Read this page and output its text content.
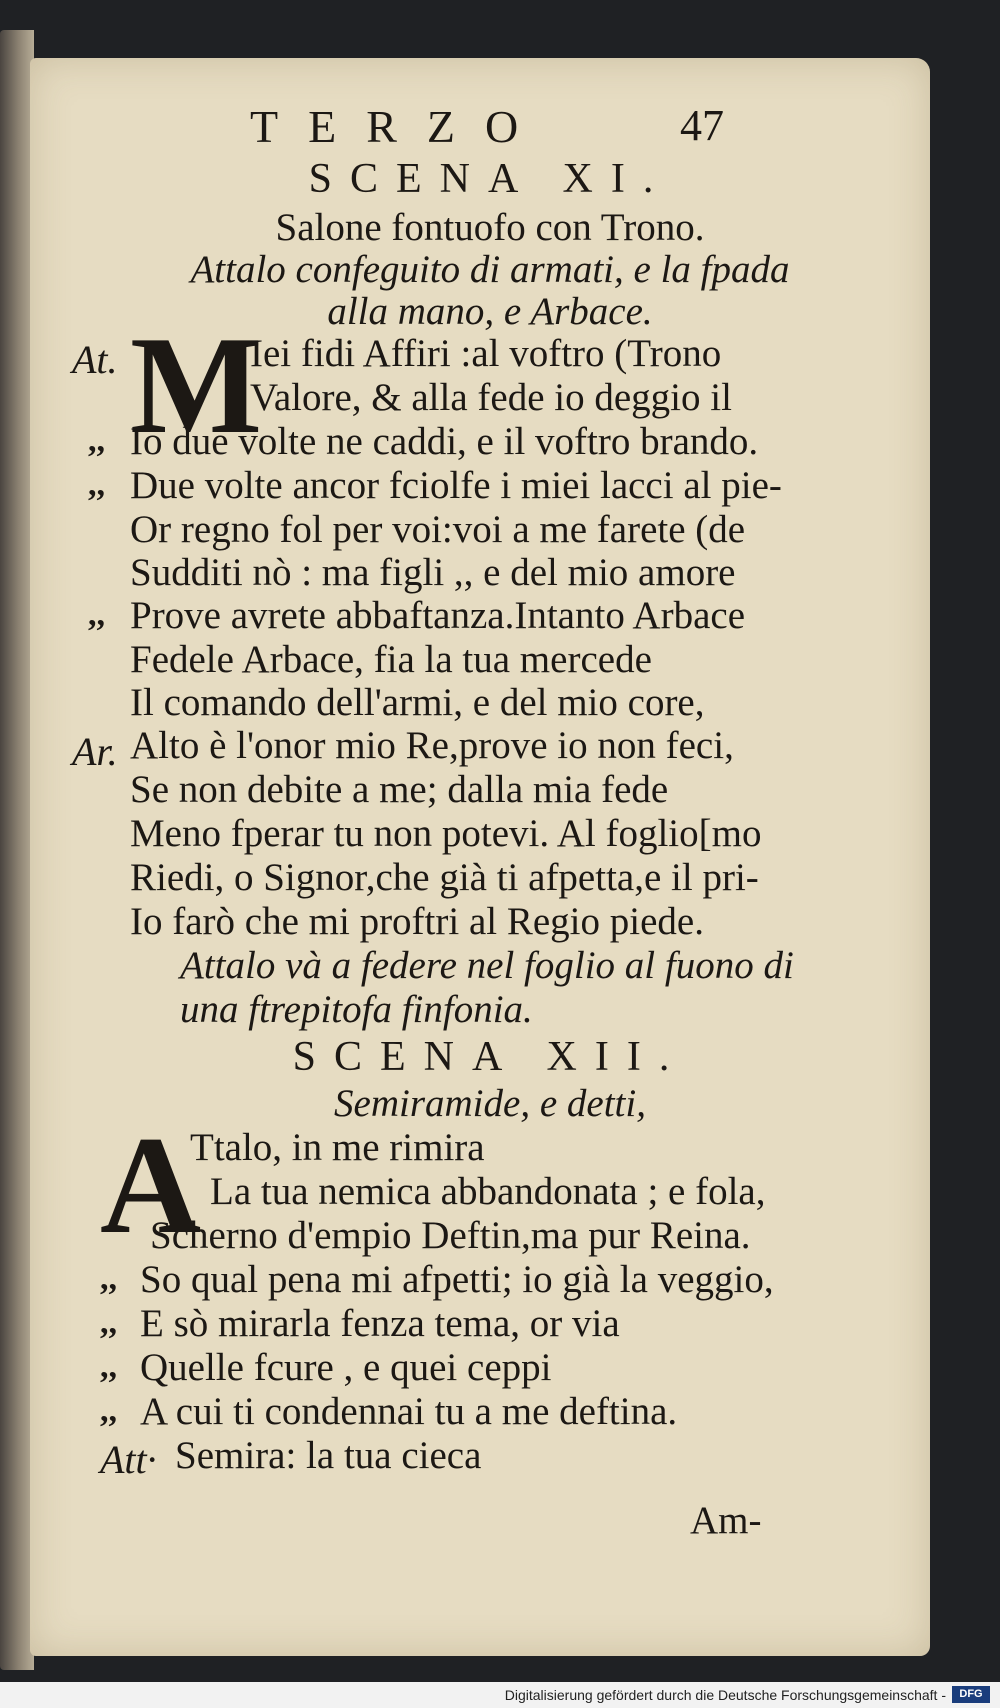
TERZO	47
SCENA XI.
Salone fontuofo con Trono.
Attalo confeguito di armati, e la fpada
alla mano, e Arbace.
At. M
Iei fidi Affiri :al voftro (Trono
Valore, & alla fede io deggio il
,, Io due volte ne caddi, e il voftro brando.
,, Due volte ancor fciolfe i miei lacci al pie-
Or regno fol per voi:voi a me farete (de
Sudditi nò : ma figli ,, e del mio amore
,, Prove avrete abbaftanza.Intanto Arbace
Fedele Arbace, fia la tua mercede
Il comando dell'armi, e del mio core,
Ar. Alto è l'onor mio Re,prove io non feci,
Se non debite a me; dalla mia fede
Meno fperar tu non potevi. Al foglio[mo
Riedi, o Signor,che già ti afpetta,e il pri-
Io farò che mi proftri al Regio piede.
Attalo và a federe nel foglio al fuono di
una ftrepitofa finfonia.
SCENA XII.
Semiramide, e detti,
A
Ttalo, in me rimira
La tua nemica abbandonata ; e fola,
Scherno d'empio Deftin,ma pur Reina.
,, So qual pena mi afpetti; io già la veggio,
,, E sò mirarla fenza tema, or via
,, Quelle fcure , e quei ceppi
,, A cui ti condennai tu a me deftina.
Att· Semira: la tua cieca
Am-
Digitalisierung gefördert durch die Deutsche Forschungsgemeinschaft -	DFG
